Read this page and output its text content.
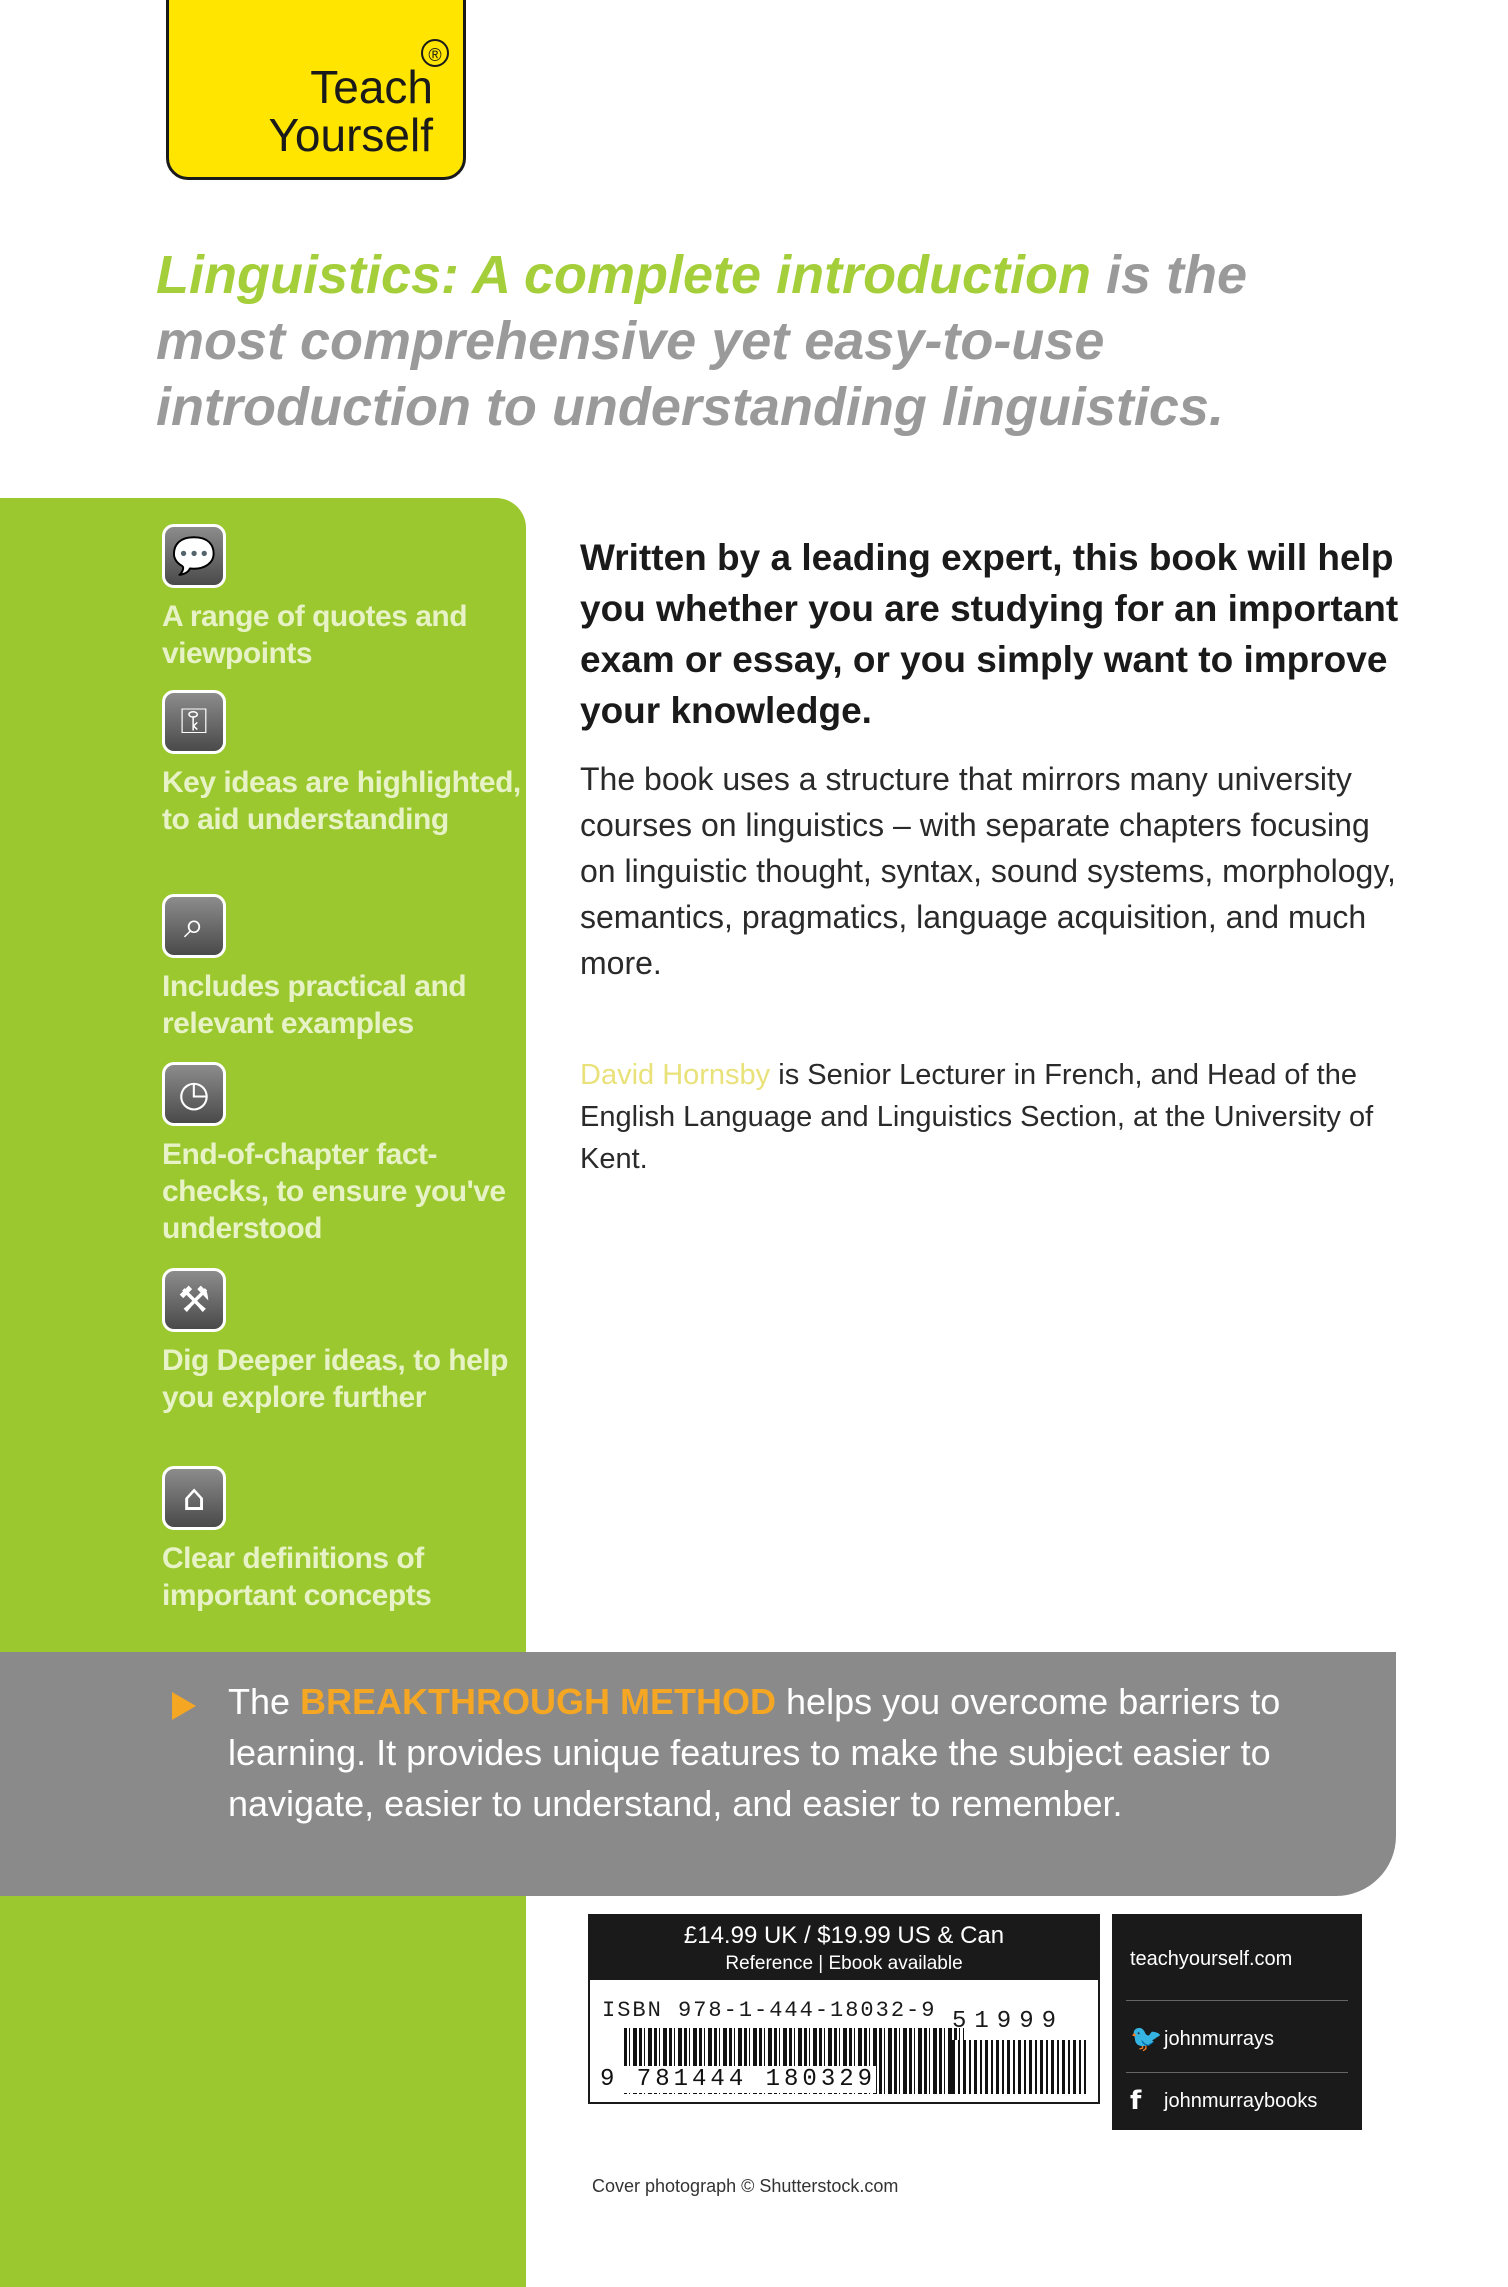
®
Teach
Yourself
Linguistics: A complete introduction is the most comprehensive yet easy-to-use introduction to understanding linguistics.
💬
A range of quotes and viewpoints
⚿
Key ideas are highlighted, to aid understanding
⌕
Includes practical and relevant examples
◷
End-of-chapter fact-checks, to ensure you've understood
⚒
Dig Deeper ideas, to help you explore further
⌂
Clear definitions of important concepts
Written by a leading expert, this book will help you whether you are studying for an important exam or essay, or you simply want to improve your knowledge.
The book uses a structure that mirrors many university courses on linguistics – with separate chapters focusing on linguistic thought, syntax, sound systems, morphology, semantics, pragmatics, language acquisition, and much more.
David Hornsby is Senior Lecturer in French, and Head of the English Language and Linguistics Section, at the University of Kent.
The BREAKTHROUGH METHOD helps you overcome barriers to learning. It provides unique features to make the subject easier to navigate, easier to understand, and easier to remember.
£14.99 UK / $19.99 US & Can
Reference | Ebook available
ISBN 978-1-444-18032-9 51999
9 781444 180329
teachyourself.com
🐦 johnmurrays
f	johnmurraybooks
Cover photograph © Shutterstock.com
